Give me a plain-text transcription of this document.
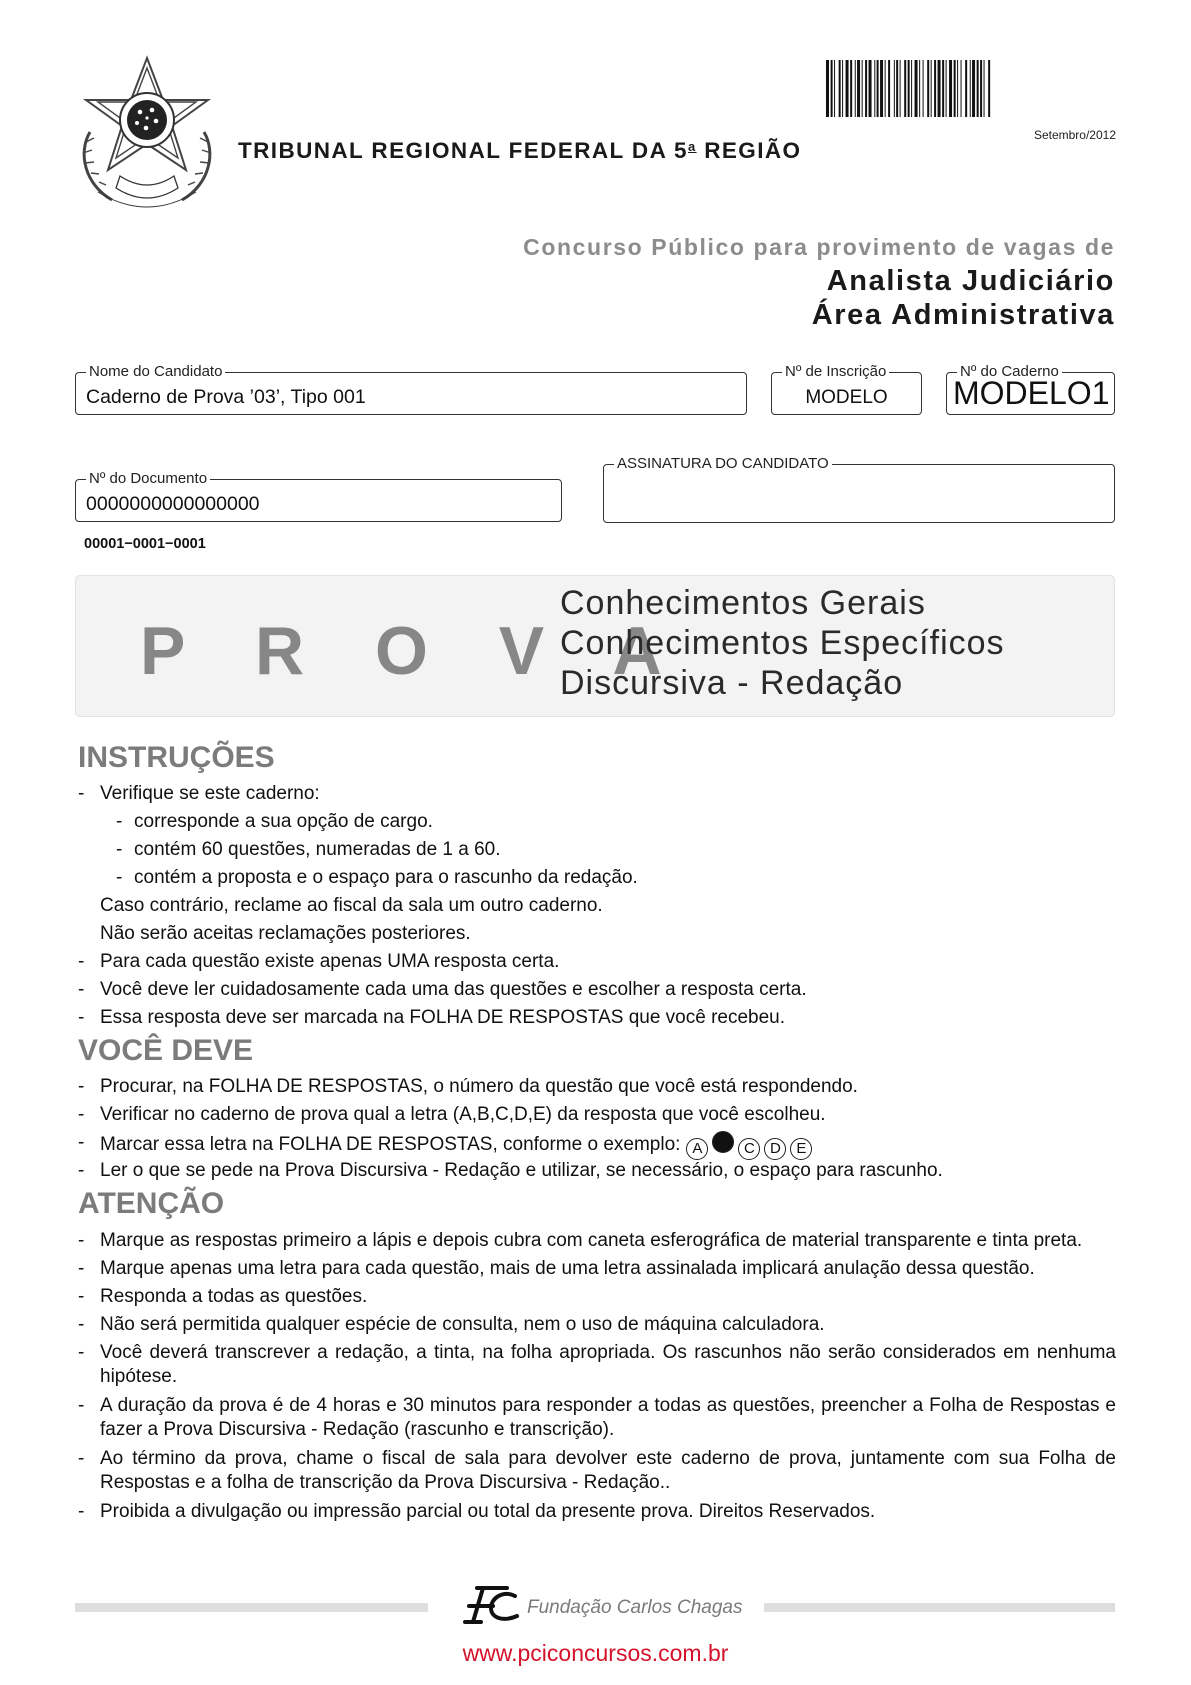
Setembro/2012
TRIBUNAL REGIONAL FEDERAL DA 5$^a$ REGIÃO
Concurso Público para provimento de vagas de
Analista Judiciário
Área Administrativa
Nome do Candidato
Caderno de Prova ’03’, Tipo 001
Nº de Inscrição
MODELO
Nº do Caderno
MODELO1
Nº do Documento
0000000000000000
ASSINATURA DO CANDIDATO
00001−0001−0001
P R O V A
Conhecimentos Gerais
Conhecimentos Específicos
Discursiva - Redação
INSTRUÇÕES
- Verifique se este caderno:
- corresponde a sua opção de cargo.
- contém 60 questões, numeradas de 1 a 60.
- contém a proposta e o espaço para o rascunho da redação.
Caso contrário, reclame ao fiscal da sala um outro caderno.
Não serão aceitas reclamações posteriores.
- Para cada questão existe apenas UMA resposta certa.
- Você deve ler cuidadosamente cada uma das questões e escolher a resposta certa.
- Essa resposta deve ser marcada na FOLHA DE RESPOSTAS que você recebeu.
VOCÊ DEVE
- Procurar, na FOLHA DE RESPOSTAS, o número da questão que você está respondendo.
- Verificar no caderno de prova qual a letra (A,B,C,D,E) da resposta que você escolheu.
- Marcar essa letra na FOLHA DE RESPOSTAS, conforme o exemplo: A	C D E
- Ler o que se pede na Prova Discursiva - Redação e utilizar, se necessário, o espaço para rascunho.
ATENÇÃO
- Marque as respostas primeiro a lápis e depois cubra com caneta esferográfica de material transparente e tinta preta.
- Marque apenas uma letra para cada questão, mais de uma letra assinalada implicará anulação dessa questão.
- Responda a todas as questões.
- Não será permitida qualquer espécie de consulta, nem o uso de máquina calculadora.
- Você deverá transcrever a redação, a tinta, na folha apropriada. Os rascunhos não serão considerados em nenhuma hipótese.
- A duração da prova é de 4 horas e 30 minutos para responder a todas as questões, preencher a Folha de Respostas e fazer a Prova Discursiva - Redação (rascunho e transcrição).
- Ao término da prova, chame o fiscal de sala para devolver este caderno de prova, juntamente com sua Folha de Respostas e a folha de transcrição da Prova Discursiva - Redação..
- Proibida a divulgação ou impressão parcial ou total da presente prova. Direitos Reservados.
Fundação Carlos Chagas
www.pciconcursos.com.br
